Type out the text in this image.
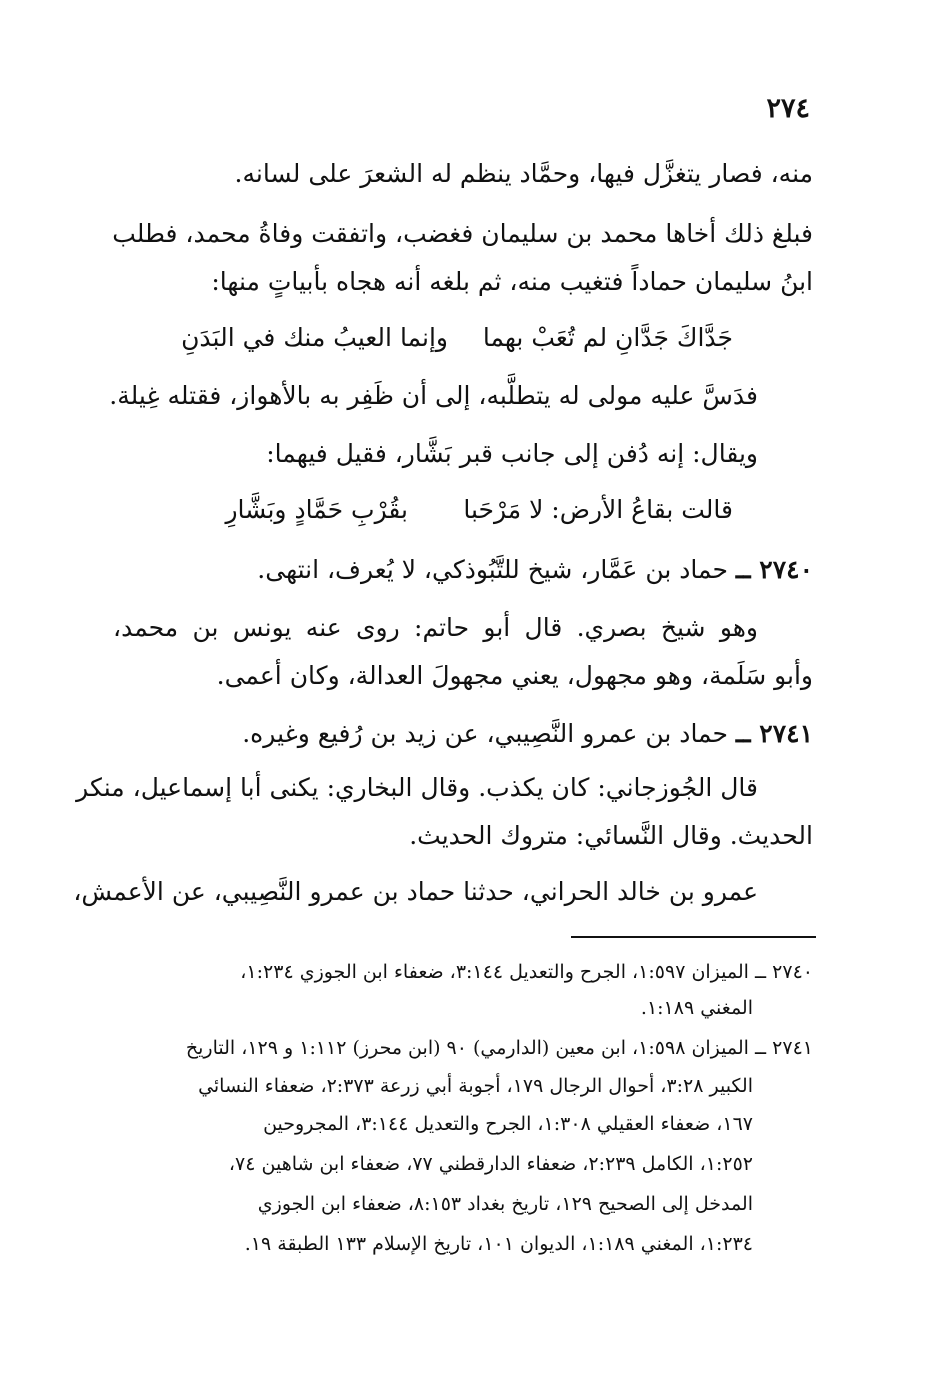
٢٧٤
منه، فصار يتغزَّل فيها، وحمَّاد ينظم له الشعرَ على لسانه.
فبلغ ذلك أخاها محمد بن سليمان فغضب، واتفقت وفاةُ محمد، فطلب
ابنُ سليمان حماداً فتغيب منه، ثم بلغه أنه هجاه بأبياتٍ منها:
جَدَّاكَ جَدَّانِ لم تُعَبْ بهما
وإنما العيبُ منك في البَدَنِ
فدَسَّ عليه مولى له يتطلَّبه، إلى أن ظَفِر به بالأهواز، فقتله غِيلة.
ويقال: إنه دُفن إلى جانب قبر بَشَّار، فقيل فيهما:
قالت بقاعُ الأرض: لا مَرْحَبا
بقُرْبِ حَمَّادٍ وبَشَّارِ
٢٧٤٠ ــ حماد بن عَمَّار، شيخ للتَّبُوذكي، لا يُعرف، انتهى.
وهو شيخ بصري. قال أبو حاتم: روى عنه يونس بن محمد،
وأبو سَلَمة، وهو مجهول، يعني مجهولَ العدالة، وكان أعمى.
٢٧٤١ ــ حماد بن عمرو النَّصِيبي، عن زيد بن رُفيع وغيره.
قال الجُوزجاني: كان يكذب. وقال البخاري: يكنى أبا إسماعيل، منكر
الحديث. وقال النَّسائي: متروك الحديث.
عمرو بن خالد الحراني، حدثنا حماد بن عمرو النَّصِيبي، عن الأعمش،
٢٧٤٠ ــ الميزان ١:٥٩٧، الجرح والتعديل ٣:١٤٤، ضعفاء ابن الجوزي ١:٢٣٤،
المغني ١:١٨٩.
٢٧٤١ ــ الميزان ١:٥٩٨، ابن معين (الدارمي) ٩٠ (ابن محرز) ١:١١٢ و ١٢٩، التاريخ
الكبير ٣:٢٨، أحوال الرجال ١٧٩، أجوبة أبي زرعة ٢:٣٧٣، ضعفاء النسائي
١٦٧، ضعفاء العقيلي ١:٣٠٨، الجرح والتعديل ٣:١٤٤، المجروحين
١:٢٥٢، الكامل ٢:٢٣٩، ضعفاء الدارقطني ٧٧، ضعفاء ابن شاهين ٧٤،
المدخل إلى الصحيح ١٢٩، تاريخ بغداد ٨:١٥٣، ضعفاء ابن الجوزي
١:٢٣٤، المغني ١:١٨٩، الديوان ١٠١، تاريخ الإسلام ١٣٣ الطبقة ١٩.
